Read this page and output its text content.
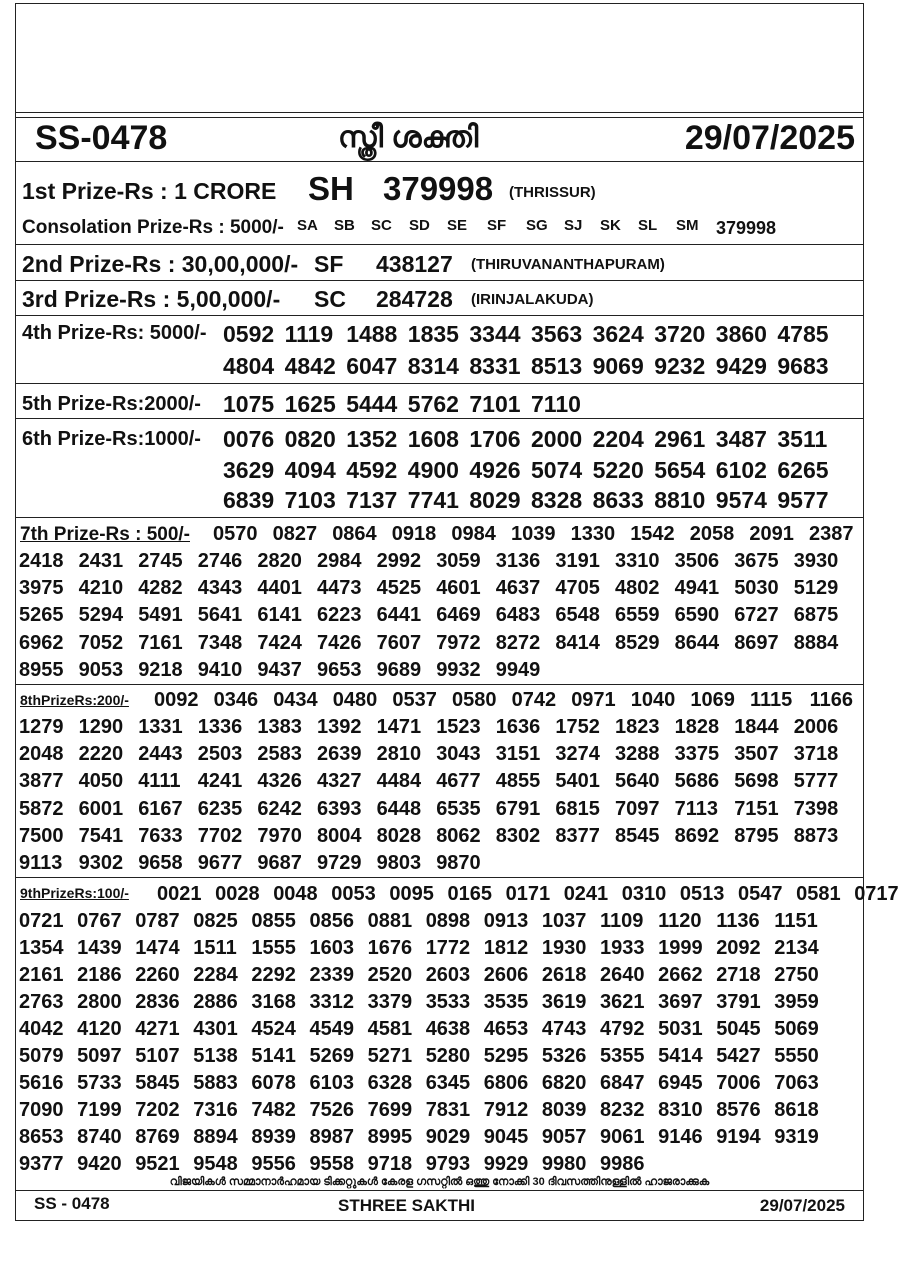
SS-0478	സ്ത്രീ ശക്തി	29/07/2025
1st Prize-Rs : 1 CRORE SH 379998 (THRISSUR)
Consolation Prize-Rs : 5000/- SA SB SC SD SE SF SG SJ SK SL SM 379998
2nd Prize-Rs : 30,00,000/- SF 438127 (THIRUVANANTHAPURAM)
3rd Prize-Rs : 5,00,000/- SC 284728 (IRINJALAKUDA)
4th Prize-Rs: 5000/- 0592 1119 1488 1835 3344 3563 3624 3720 3860 4785
4804 4842 6047 8314 8331 8513 9069 9232 9429 9683
5th Prize-Rs:2000/- 1075 1625 5444 5762 7101 7110
6th Prize-Rs:1000/- 0076 0820 1352 1608 1706 2000 2204 2961 3487 3511
3629 4094 4592 4900 4926 5074 5220 5654 6102 6265
6839 7103 7137 7741 8029 8328 8633 8810 9574 9577
7th Prize-Rs : 500/- 0570 0827 0864 0918 0984 1039 1330 1542 2058 2091 2387
2418 2431 2745 2746 2820 2984 2992 3059 3136 3191 3310 3506 3675 3930
3975 4210 4282 4343 4401 4473 4525 4601 4637 4705 4802 4941 5030 5129
5265 5294 5491 5641 6141 6223 6441 6469 6483 6548 6559 6590 6727 6875
6962 7052 7161 7348 7424 7426 7607 7972 8272 8414 8529 8644 8697 8884
8955 9053 9218 9410 9437 9653 9689 9932 9949
8thPrizeRs:200/- 0092 0346 0434 0480 0537 0580 0742 0971 1040 1069 1115 1166
1279 1290 1331 1336 1383 1392 1471 1523 1636 1752 1823 1828 1844 2006
2048 2220 2443 2503 2583 2639 2810 3043 3151 3274 3288 3375 3507 3718
3877 4050 4111 4241 4326 4327 4484 4677 4855 5401 5640 5686 5698 5777
5872 6001 6167 6235 6242 6393 6448 6535 6791 6815 7097 7113 7151 7398
7500 7541 7633 7702 7970 8004 8028 8062 8302 8377 8545 8692 8795 8873
9113 9302 9658 9677 9687 9729 9803 9870
9thPrizeRs:100/- 0021 0028 0048 0053 0095 0165 0171 0241 0310 0513 0547 0581 0717
0721 0767 0787 0825 0855 0856 0881 0898 0913 1037 1109 1120 1136 1151
1354 1439 1474 1511 1555 1603 1676 1772 1812 1930 1933 1999 2092 2134
2161 2186 2260 2284 2292 2339 2520 2603 2606 2618 2640 2662 2718 2750
2763 2800 2836 2886 3168 3312 3379 3533 3535 3619 3621 3697 3791 3959
4042 4120 4271 4301 4524 4549 4581 4638 4653 4743 4792 5031 5045 5069
5079 5097 5107 5138 5141 5269 5271 5280 5295 5326 5355 5414 5427 5550
5616 5733 5845 5883 6078 6103 6328 6345 6806 6820 6847 6945 7006 7063
7090 7199 7202 7316 7482 7526 7699 7831 7912 8039 8232 8310 8576 8618
8653 8740 8769 8894 8939 8987 8995 9029 9045 9057 9061 9146 9194 9319
9377 9420 9521 9548 9556 9558 9718 9793 9929 9980 9986
വിജയികൾ സമ്മാനാർഹമായ ടിക്കറ്റുകൾ കേരള ഗസറ്റിൽ ഒത്തു നോക്കി 30 ദിവസത്തിനുള്ളിൽ ഹാജരാക്കുക
SS - 0478	STHREE SAKTHI	29/07/2025
